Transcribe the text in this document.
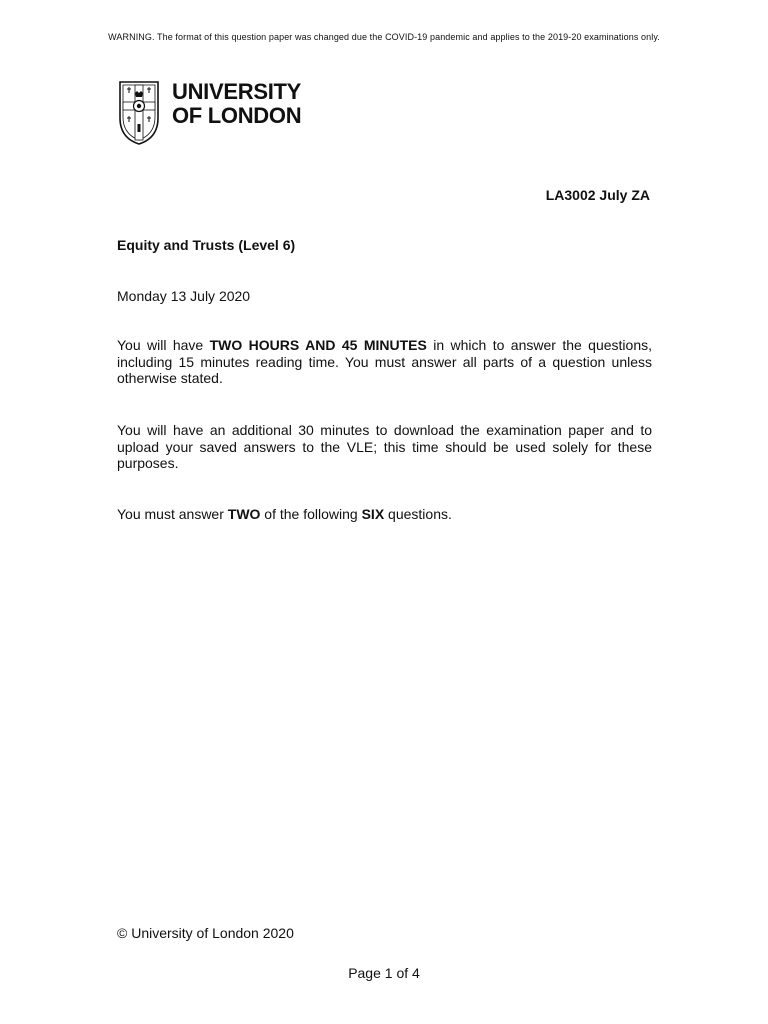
WARNING. The format of this question paper was changed due the COVID-19 pandemic and applies to the 2019-20 examinations only.
UNIVERSITY
OF LONDON
LA3002 July ZA
Equity and Trusts (Level 6)
Monday 13 July 2020
You will have TWO HOURS AND 45 MINUTES in which to answer the questions, including 15 minutes reading time. You must answer all parts of a question unless otherwise stated.
You will have an additional 30 minutes to download the examination paper and to upload your saved answers to the VLE; this time should be used solely for these purposes.
You must answer TWO of the following SIX questions.
© University of London 2020
Page 1 of 4
